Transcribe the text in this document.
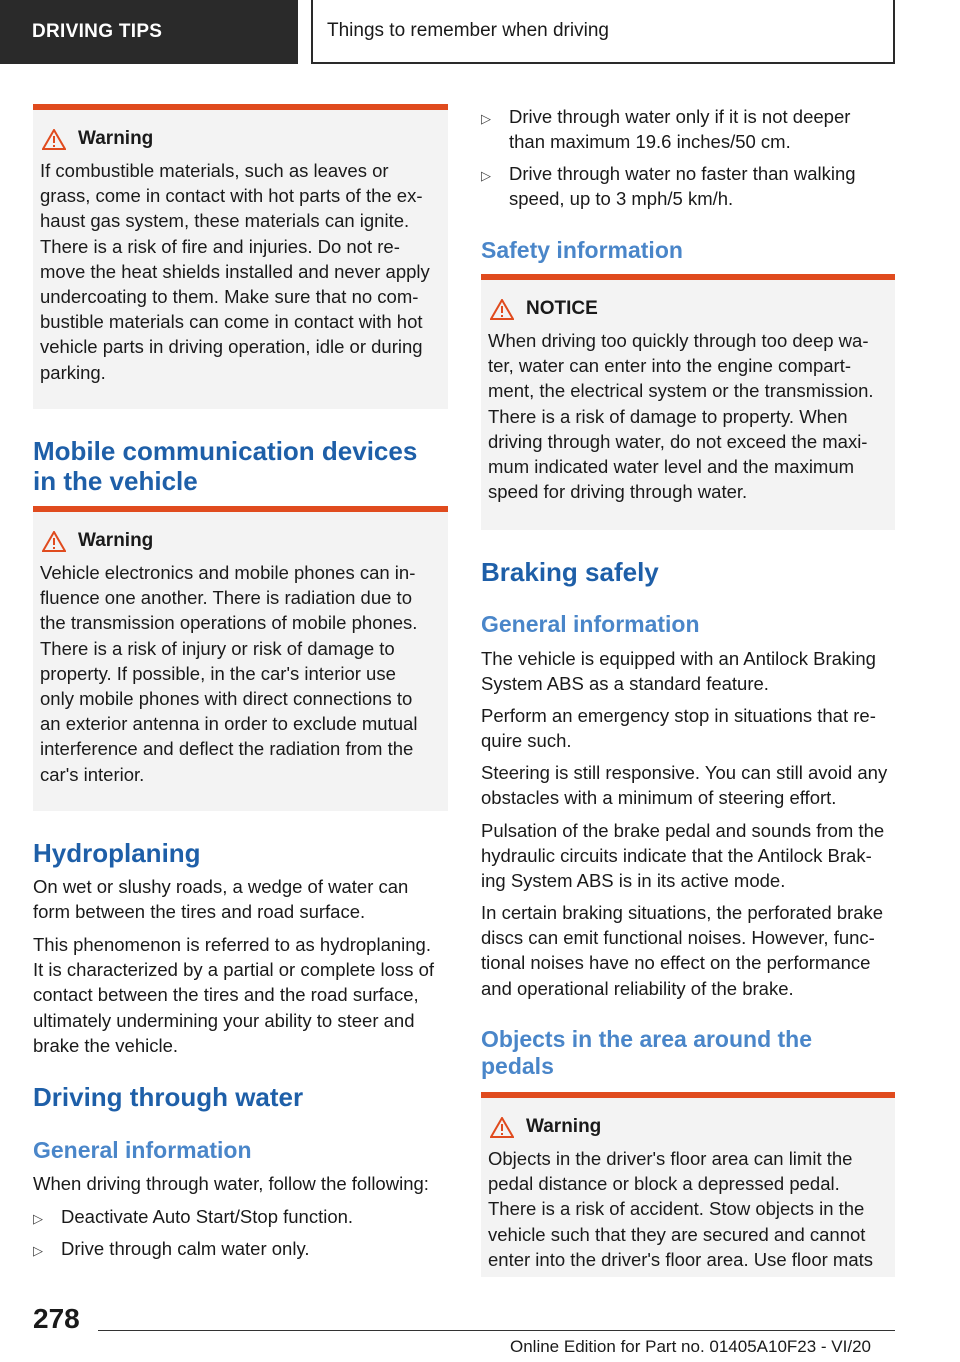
DRIVING TIPS	Things to remember when driving
Warning

If combustible materials, such as leaves or
grass, come in contact with hot parts of the ex-
haust gas system, these materials can ignite.
There is a risk of fire and injuries. Do not re-
move the heat shields installed and never apply
undercoating to them. Make sure that no com-
bustible materials can come in contact with hot
vehicle parts in driving operation, idle or during
parking.

Mobile communication devices
in the vehicle
Warning

Vehicle electronics and mobile phones can in-
fluence one another. There is radiation due to
the transmission operations of mobile phones.
There is a risk of injury or risk of damage to
property. If possible, in the car's interior use
only mobile phones with direct connections to
an exterior antenna in order to exclude mutual
interference and deflect the radiation from the
car's interior.

Hydroplaning

On wet or slushy roads, a wedge of water can
form between the tires and road surface.

This phenomenon is referred to as hydroplaning.
It is characterized by a partial or complete loss of
contact between the tires and the road surface,
ultimately undermining your ability to steer and
brake the vehicle.

Driving through water
General information

When driving through water, follow the following:

▷ Deactivate Auto Start/Stop function.
▷ Drive through calm water only.
▷ Drive through water only if it is not deeper
than maximum 19.6 inches/50 cm.
▷ Drive through water no faster than walking
speed, up to 3 mph/5 km/h.
Safety information
NOTICE

When driving too quickly through too deep wa-
ter, water can enter into the engine compart-
ment, the electrical system or the transmission.
There is a risk of damage to property. When
driving through water, do not exceed the maxi-
mum indicated water level and the maximum
speed for driving through water.

Braking safely
General information

The vehicle is equipped with an Antilock Braking
System ABS as a standard feature.

Perform an emergency stop in situations that re-
quire such.

Steering is still responsive. You can still avoid any
obstacles with a minimum of steering effort.

Pulsation of the brake pedal and sounds from the
hydraulic circuits indicate that the Antilock Brak-
ing System ABS is in its active mode.

In certain braking situations, the perforated brake
discs can emit functional noises. However, func-
tional noises have no effect on the performance
and operational reliability of the brake.

Objects in the area around the
pedals
Warning

Objects in the driver's floor area can limit the
pedal distance or block a depressed pedal.
There is a risk of accident. Stow objects in the
vehicle such that they are secured and cannot
enter into the driver's floor area. Use floor mats

278
Online Edition for Part no. 01405A10F23 - VI/20
